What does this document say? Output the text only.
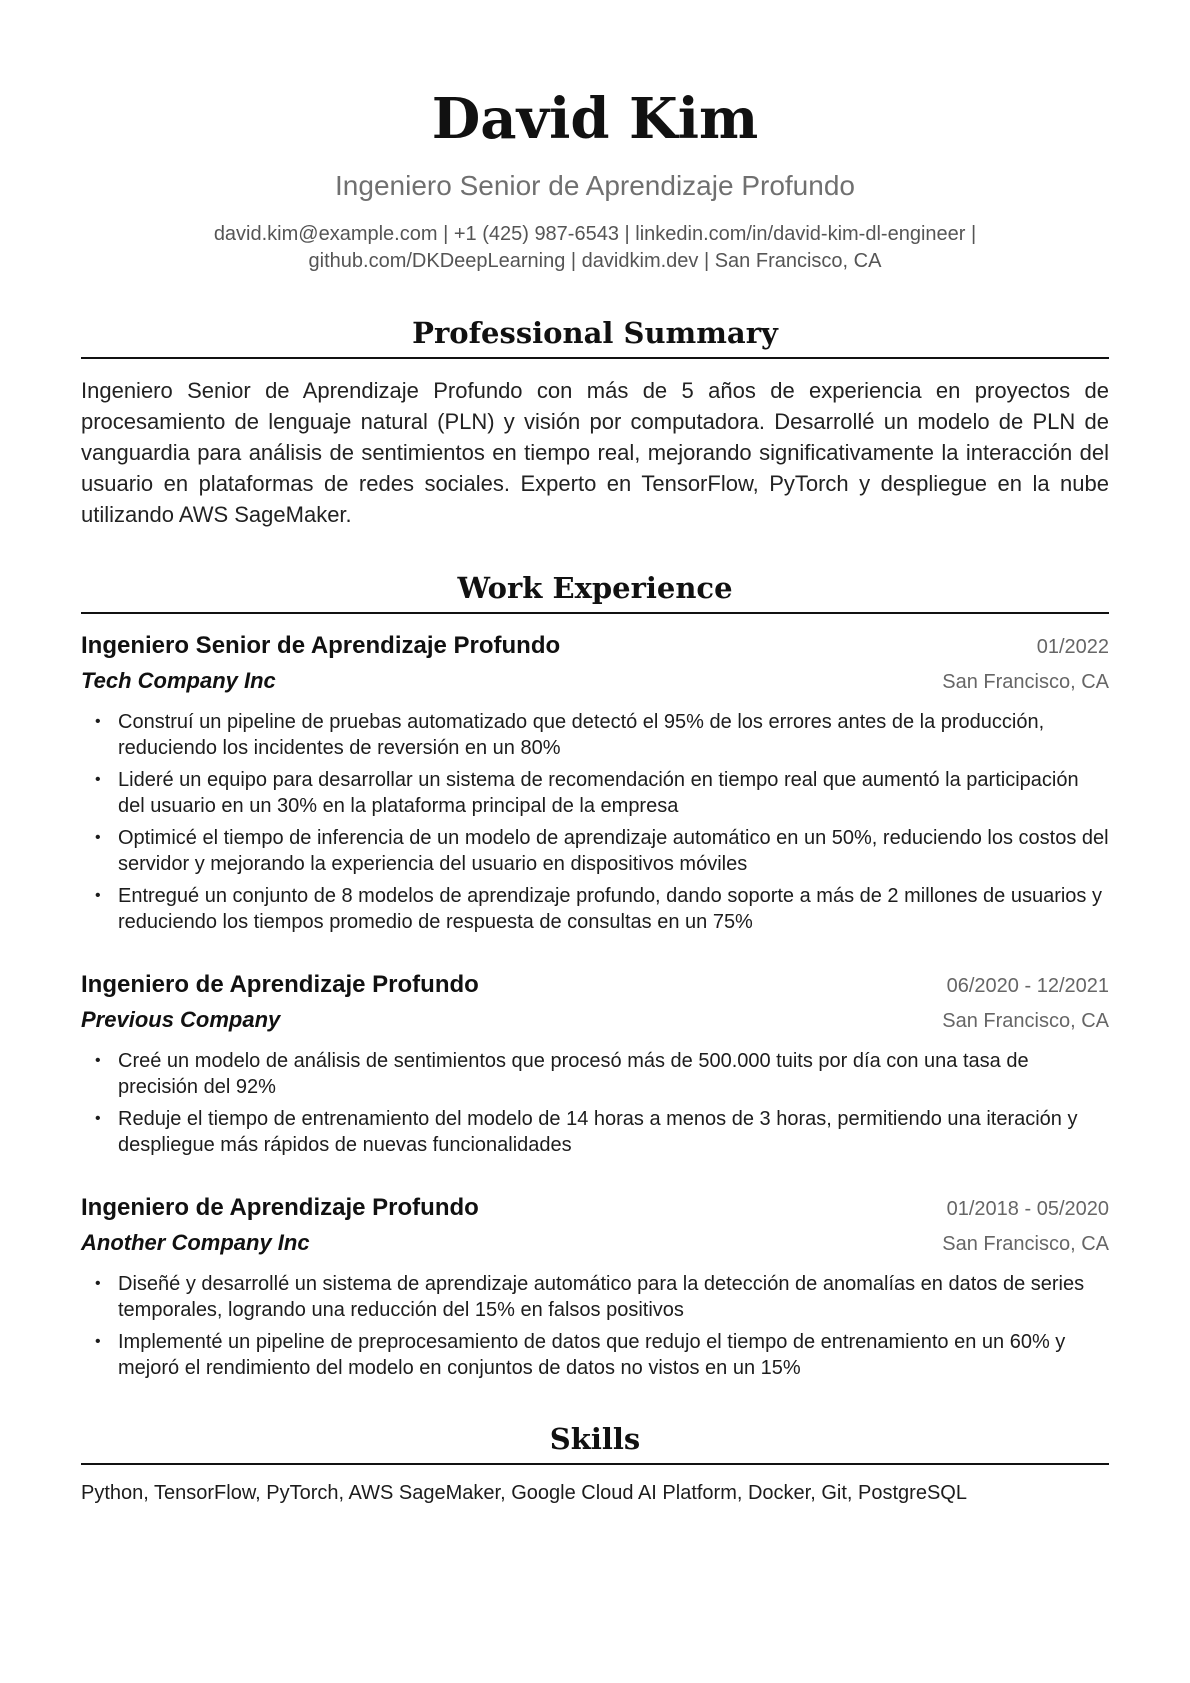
David Kim
Ingeniero Senior de Aprendizaje Profundo
david.kim@example.com | +1 (425) 987-6543 | linkedin.com/in/david-kim-dl-engineer |
github.com/DKDeepLearning | davidkim.dev | San Francisco, CA
Professional Summary
Ingeniero Senior de Aprendizaje Profundo con más de 5 años de experiencia en proyectos de procesamiento de lenguaje natural (PLN) y visión por computadora. Desarrollé un modelo de PLN de vanguardia para análisis de sentimientos en tiempo real, mejorando significativamente la interacción del usuario en plataformas de redes sociales. Experto en TensorFlow, PyTorch y despliegue en la nube utilizando AWS SageMaker.
Work Experience
Ingeniero Senior de Aprendizaje Profundo	01/2022
Tech Company Inc	San Francisco, CA
• Construí un pipeline de pruebas automatizado que detectó el 95% de los errores antes de la producción, reduciendo los incidentes de reversión en un 80%
• Lideré un equipo para desarrollar un sistema de recomendación en tiempo real que aumentó la participación del usuario en un 30% en la plataforma principal de la empresa
• Optimicé el tiempo de inferencia de un modelo de aprendizaje automático en un 50%, reduciendo los costos del servidor y mejorando la experiencia del usuario en dispositivos móviles
• Entregué un conjunto de 8 modelos de aprendizaje profundo, dando soporte a más de 2 millones de usuarios y reduciendo los tiempos promedio de respuesta de consultas en un 75%
Ingeniero de Aprendizaje Profundo	06/2020 - 12/2021
Previous Company	San Francisco, CA
• Creé un modelo de análisis de sentimientos que procesó más de 500.000 tuits por día con una tasa de precisión del 92%
• Reduje el tiempo de entrenamiento del modelo de 14 horas a menos de 3 horas, permitiendo una iteración y despliegue más rápidos de nuevas funcionalidades
Ingeniero de Aprendizaje Profundo	01/2018 - 05/2020
Another Company Inc	San Francisco, CA
• Diseñé y desarrollé un sistema de aprendizaje automático para la detección de anomalías en datos de series temporales, logrando una reducción del 15% en falsos positivos
• Implementé un pipeline de preprocesamiento de datos que redujo el tiempo de entrenamiento en un 60% y mejoró el rendimiento del modelo en conjuntos de datos no vistos en un 15%
Skills
Python, TensorFlow, PyTorch, AWS SageMaker, Google Cloud AI Platform, Docker, Git, PostgreSQL
